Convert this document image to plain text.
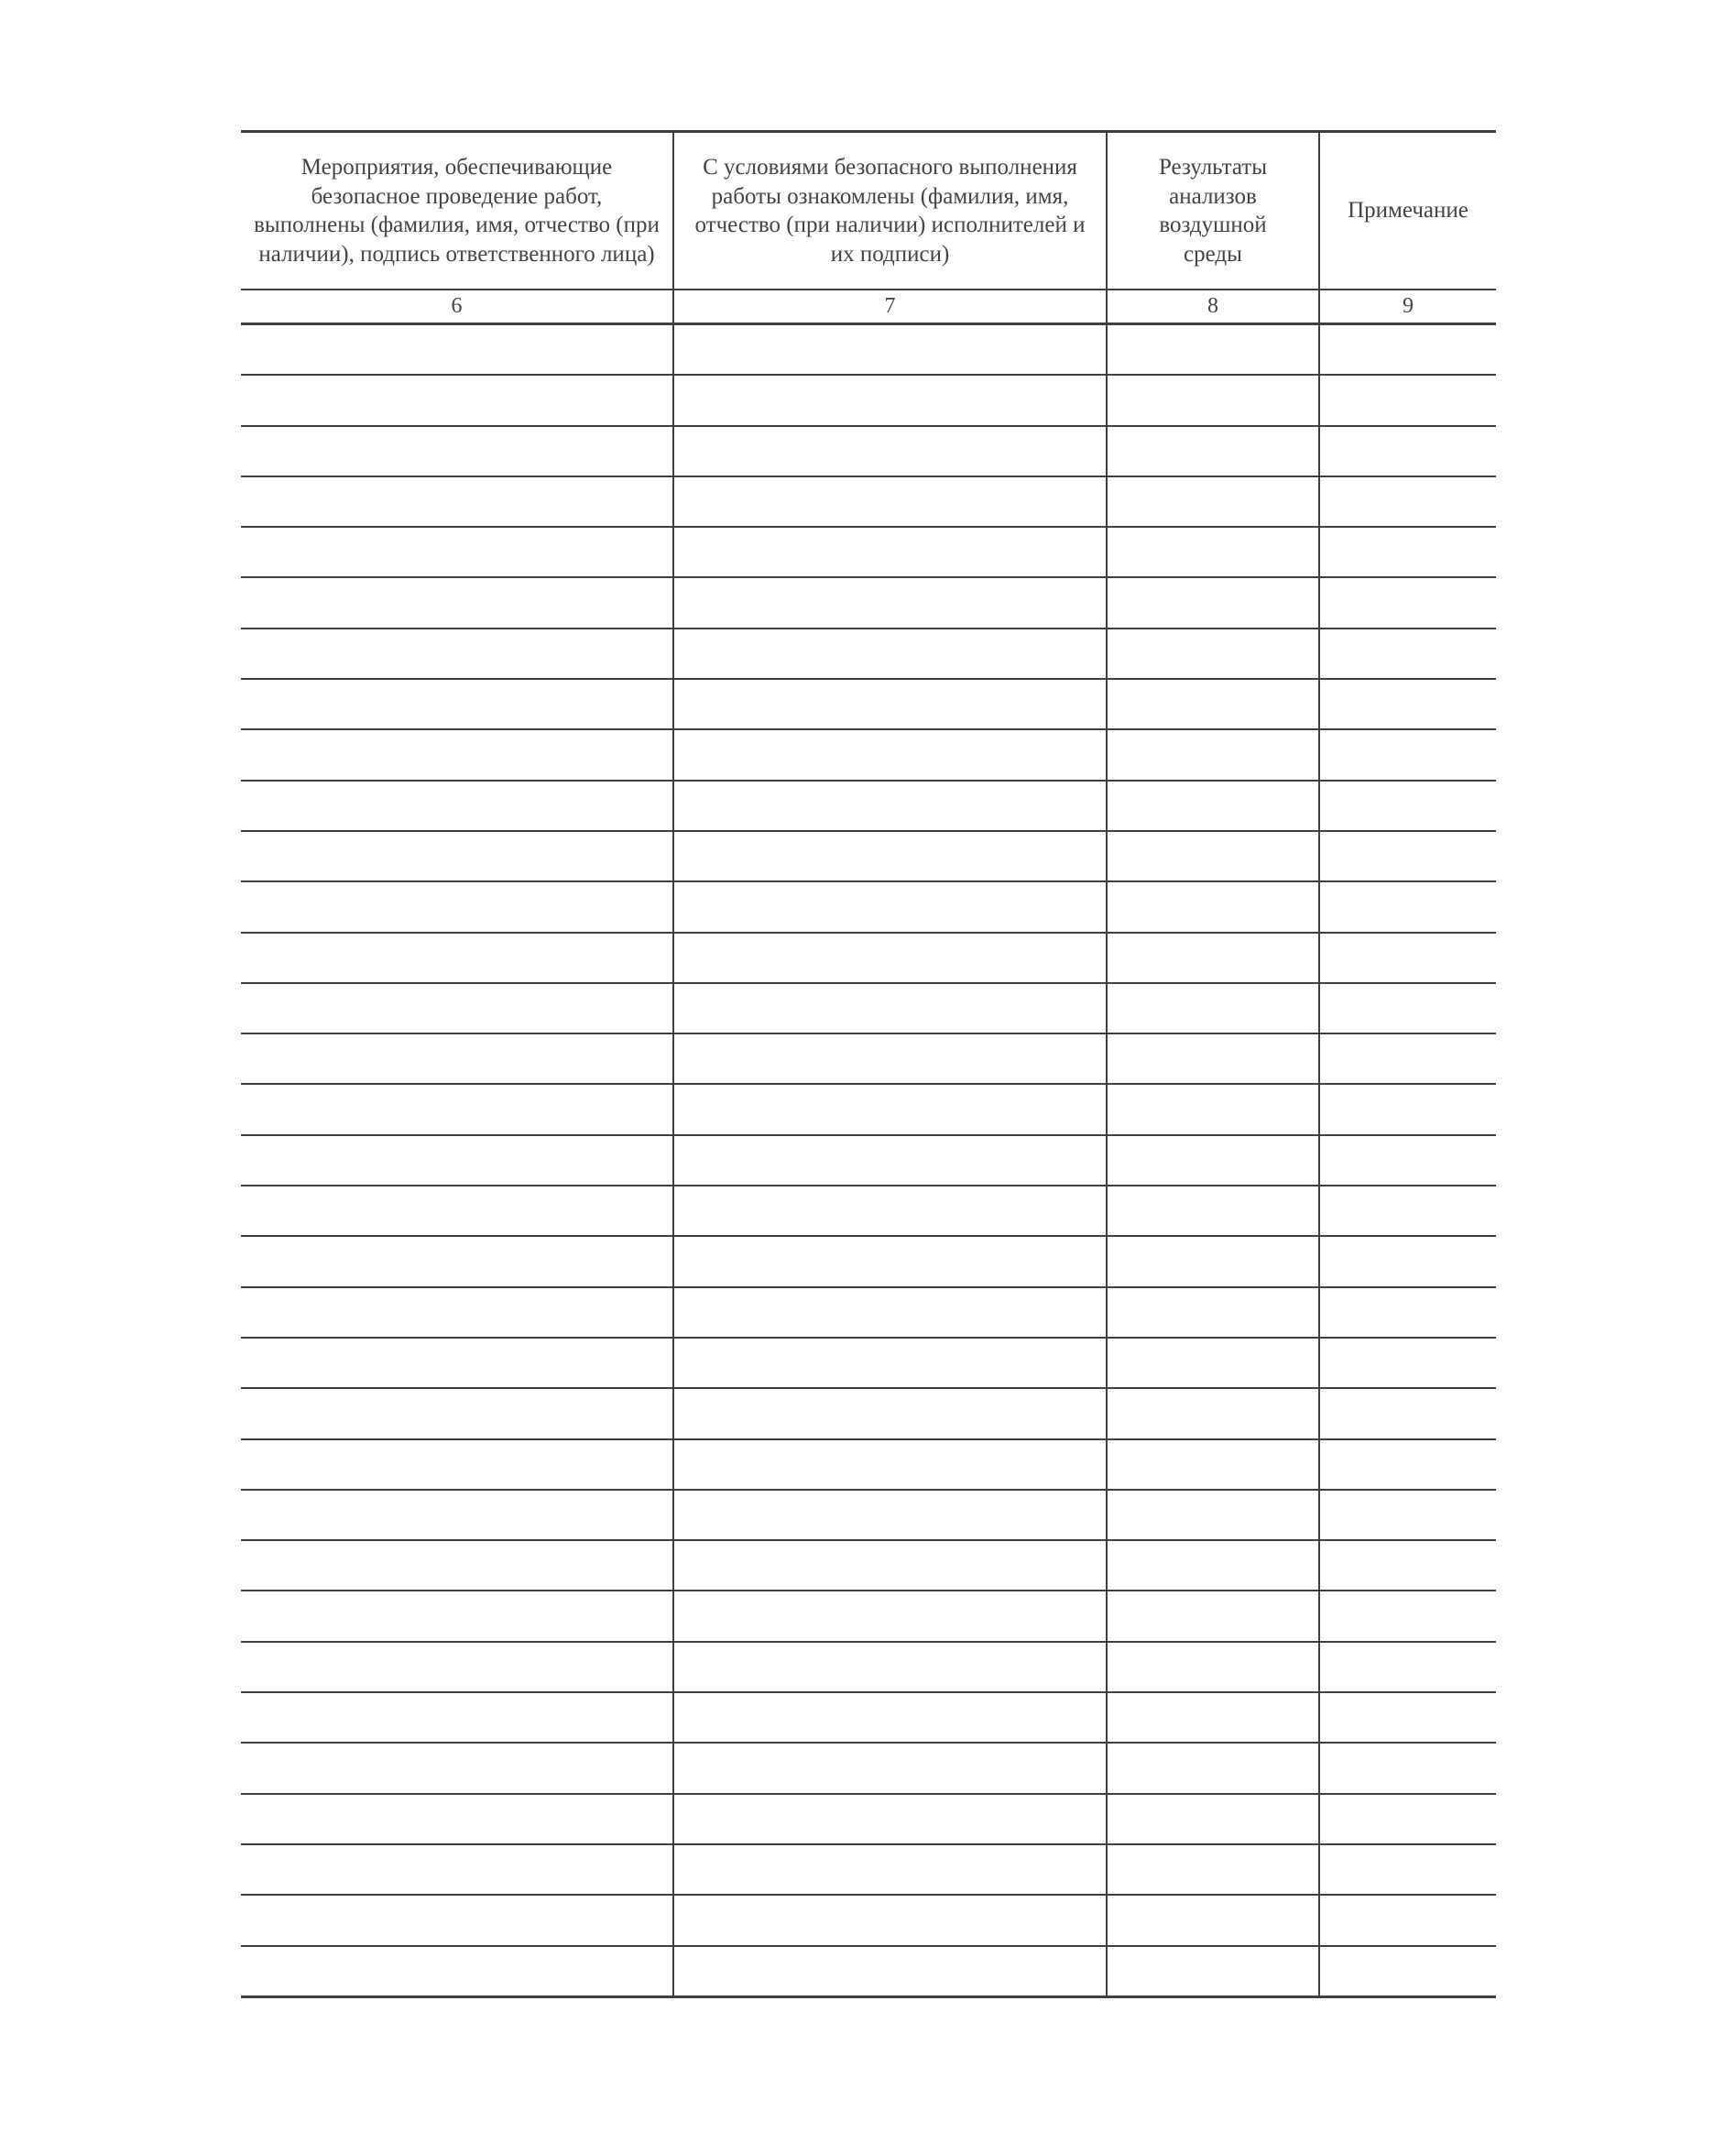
Мероприятия, обеспечивающие безопасное проведение работ, выполнены (фамилия, имя, отчество (при наличии), подпись ответственного лица)	С условиями безопасного выполнения работы ознакомлены (фамилия, имя, отчество (при наличии) исполнителей и их подписи)	Результаты анализов воздушной среды	Примечание
6	7	8	9
